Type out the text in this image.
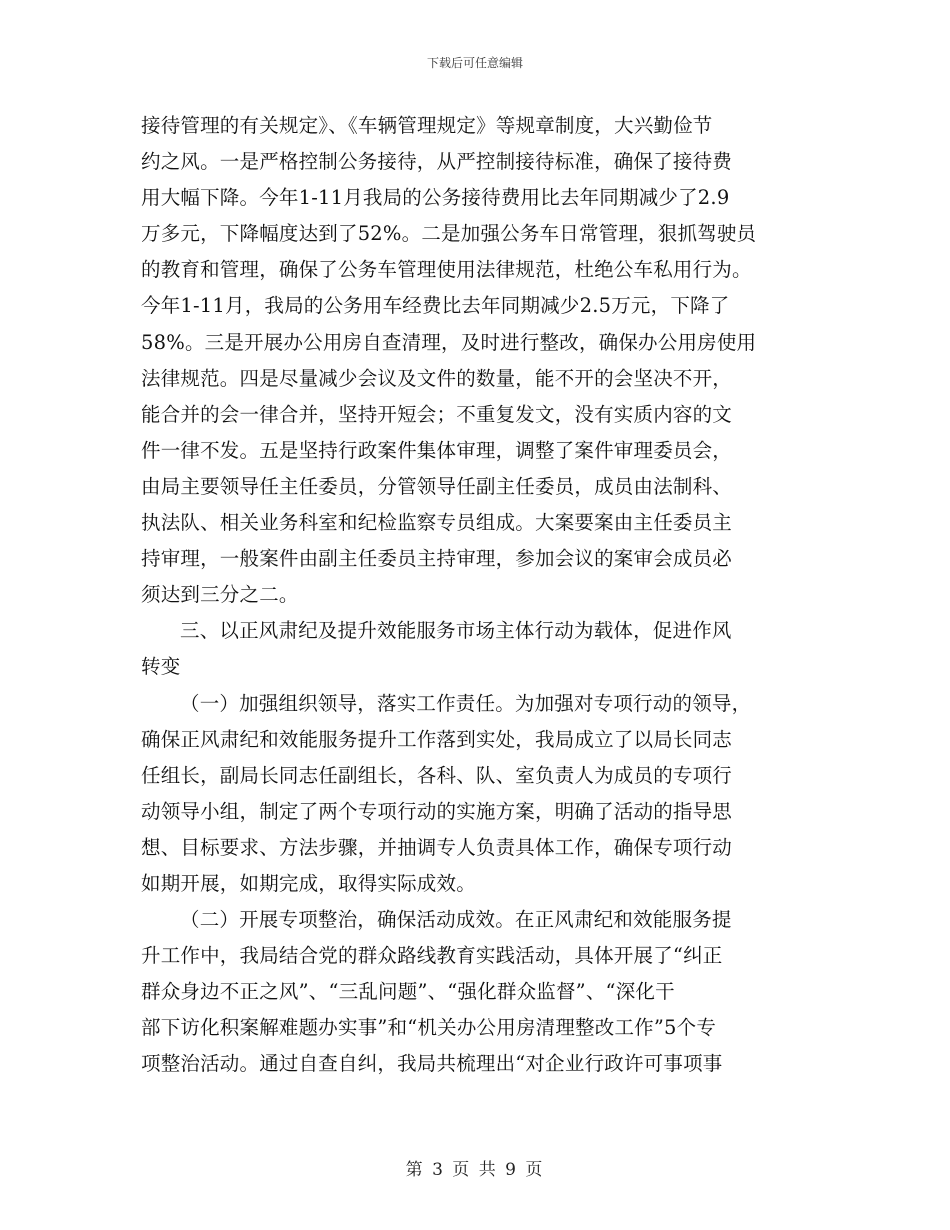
下载后可任意编辑
接待管理的有关规定》、《车辆管理规定》等规章制度，大兴勤俭节
约之风。一是严格控制公务接待，从严控制接待标准，确保了接待费
用大幅下降。今年1-11月我局的公务接待费用比去年同期减少了2.9
万多元，下降幅度达到了52%。二是加强公务车日常管理，狠抓驾驶员
的教育和管理，确保了公务车管理使用法律规范，杜绝公车私用行为。
今年1-11月，我局的公务用车经费比去年同期减少2.5万元，下降了
58%。三是开展办公用房自查清理，及时进行整改，确保办公用房使用
法律规范。四是尽量减少会议及文件的数量，能不开的会坚决不开，
能合并的会一律合并，坚持开短会；不重复发文，没有实质内容的文
件一律不发。五是坚持行政案件集体审理，调整了案件审理委员会，
由局主要领导任主任委员，分管领导任副主任委员，成员由法制科、
执法队、相关业务科室和纪检监察专员组成。大案要案由主任委员主
持审理，一般案件由副主任委员主持审理，参加会议的案审会成员必
须达到三分之二。
三、以正风肃纪及提升效能服务市场主体行动为载体，促进作风
转变
（一）加强组织领导，落实工作责任。为加强对专项行动的领导，
确保正风肃纪和效能服务提升工作落到实处，我局成立了以局长同志
任组长，副局长同志任副组长，各科、队、室负责人为成员的专项行
动领导小组，制定了两个专项行动的实施方案，明确了活动的指导思
想、目标要求、方法步骤，并抽调专人负责具体工作，确保专项行动
如期开展，如期完成，取得实际成效。
（二）开展专项整治，确保活动成效。在正风肃纪和效能服务提
升工作中，我局结合党的群众路线教育实践活动，具体开展了“纠正
群众身边不正之风”、“三乱问题”、“强化群众监督”、“深化干
部下访化积案解难题办实事”和“机关办公用房清理整改工作”5个专
项整治活动。通过自查自纠，我局共梳理出“对企业行政许可事项事
第 3 页 共 9 页
